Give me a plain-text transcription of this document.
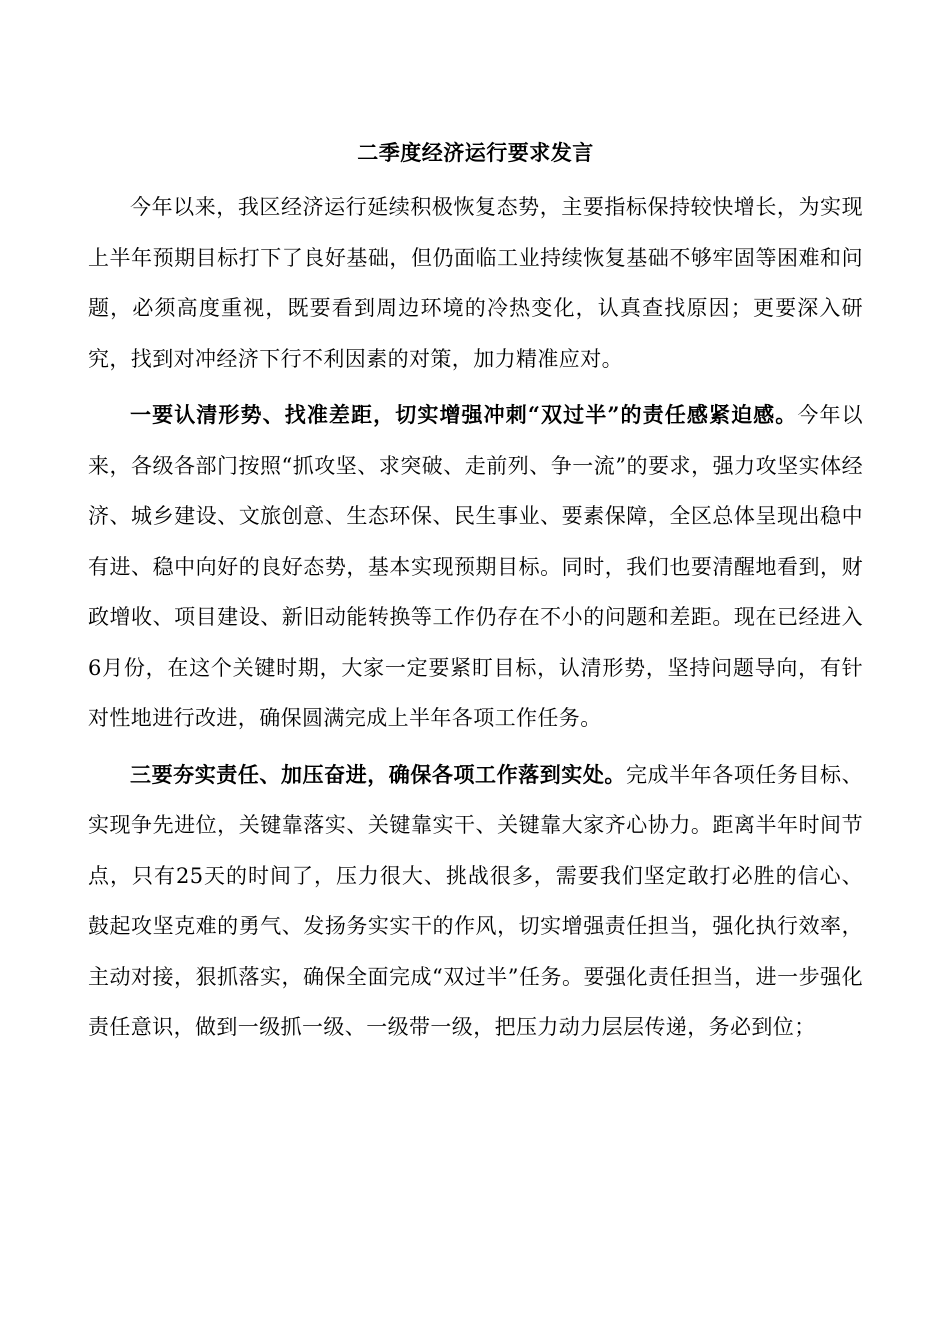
二季度经济运行要求发言

今年以来，我区经济运行延续积极恢复态势，主要指标保持较快增长，为实现上半年预期目标打下了良好基础，但仍面临工业持续恢复基础不够牢固等困难和问题，必须高度重视，既要看到周边环境的冷热变化，认真查找原因；更要深入研究，找到对冲经济下行不利因素的对策，加力精准应对。

一要认清形势、找准差距，切实增强冲刺“双过半”的责任感紧迫感。今年以来，各级各部门按照“抓攻坚、求突破、走前列、争一流”的要求，强力攻坚实体经济、城乡建设、文旅创意、生态环保、民生事业、要素保障，全区总体呈现出稳中有进、稳中向好的良好态势，基本实现预期目标。同时，我们也要清醒地看到，财政增收、项目建设、新旧动能转换等工作仍存在不小的问题和差距。现在已经进入6月份，在这个关键时期，大家一定要紧盯目标，认清形势，坚持问题导向，有针对性地进行改进，确保圆满完成上半年各项工作任务。

三要夯实责任、加压奋进，确保各项工作落到实处。完成半年各项任务目标、实现争先进位，关键靠落实、关键靠实干、关键靠大家齐心协力。距离半年时间节点，只有25天的时间了，压力很大、挑战很多，需要我们坚定敢打必胜的信心、鼓起攻坚克难的勇气、发扬务实实干的作风，切实增强责任担当，强化执行效率，主动对接，狠抓落实，确保全面完成“双过半”任务。要强化责任担当，进一步强化责任意识，做到一级抓一级、一级带一级，把压力动力层层传递，务必到位；
